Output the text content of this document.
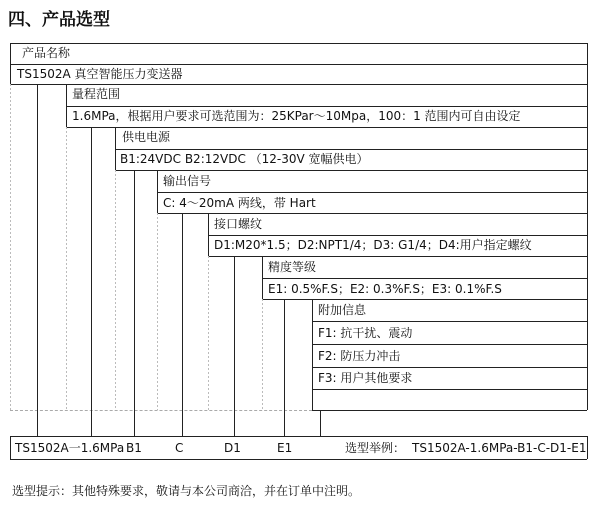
四、产品选型
产品名称
TS1502A 真空智能压力变送器
量程范围
供电电源
输出信号
接口螺纹
精度等级
附加信息
1.6MPa，根据用户要求可选范围为：25KPar～10Mpa，100：1 范围内可自由设定
B1:24VDC B2:12VDC （12-30V 宽幅供电）
C: 4～20mA 两线，带 Hart
D1:M20*1.5；D2:NPT1/4；D3: G1/4；D4:用户指定螺纹
E1: 0.5%F.S；E2: 0.3%F.S；E3: 0.1%F.S
F1: 抗干扰、震动
F2: 防压力冲击
F3: 用户其他要求
TS1502A一1.6MPa B1	C	D1	E1	选型举例： TS1502A-1.6MPa-B1-C-D1-E1
选型提示：其他特殊要求，敬请与本公司商洽，并在订单中注明。
